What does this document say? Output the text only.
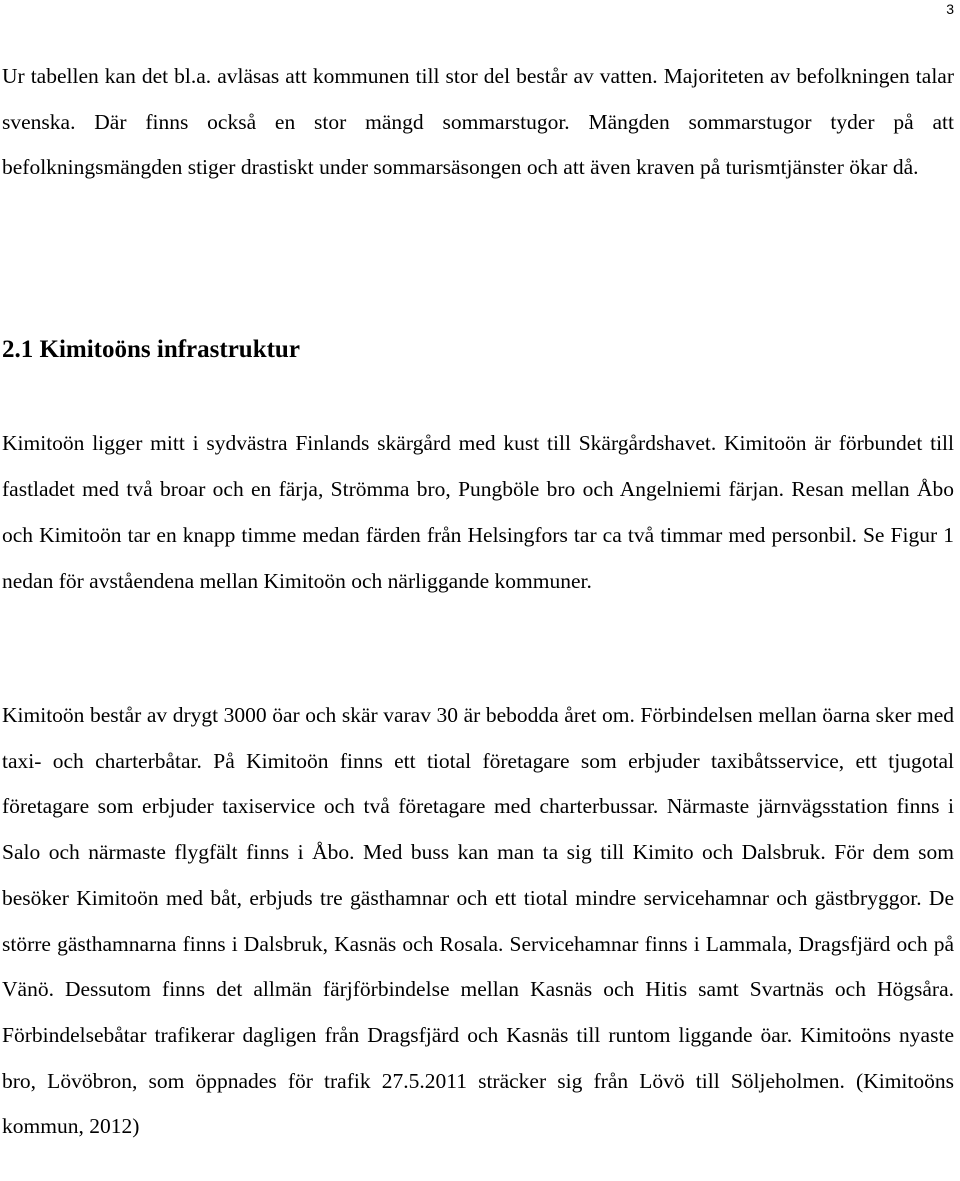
3

Ur tabellen kan det bl.a. avläsas att kommunen till stor del består av vatten. Majoriteten av befolkningen talar svenska. Där finns också en stor mängd sommarstugor. Mängden sommarstugor tyder på att befolkningsmängden stiger drastiskt under sommarsäsongen och att även kraven på turismtjänster ökar då.

2.1 Kimitoöns infrastruktur

Kimitoön ligger mitt i sydvästra Finlands skärgård med kust till Skärgårdshavet. Kimitoön är förbundet till fastladet med två broar och en färja, Strömma bro, Pungböle bro och Angelniemi färjan. Resan mellan Åbo och Kimitoön tar en knapp timme medan färden från Helsingfors tar ca två timmar med personbil. Se Figur 1 nedan för avståendena mellan Kimitoön och närliggande kommuner.

Kimitoön består av drygt 3000 öar och skär varav 30 är bebodda året om. Förbindelsen mellan öarna sker med taxi- och charterbåtar. På Kimitoön finns ett tiotal företagare som erbjuder taxibåtsservice, ett tjugotal företagare som erbjuder taxiservice och två företagare med charterbussar. Närmaste järnvägsstation finns i Salo och närmaste flygfält finns i Åbo. Med buss kan man ta sig till Kimito och Dalsbruk. För dem som besöker Kimitoön med båt, erbjuds tre gästhamnar och ett tiotal mindre servicehamnar och gästbryggor. De större gästhamnarna finns i Dalsbruk, Kasnäs och Rosala. Servicehamnar finns i Lammala, Dragsfjärd och på Vänö. Dessutom finns det allmän färjförbindelse mellan Kasnäs och Hitis samt Svartnäs och Högsåra. Förbindelsebåtar trafikerar dagligen från Dragsfjärd och Kasnäs till runtom liggande öar. Kimitoöns nyaste bro, Lövöbron, som öppnades för trafik 27.5.2011 sträcker sig från Lövö till Söljeholmen. (Kimitoöns kommun, 2012)
